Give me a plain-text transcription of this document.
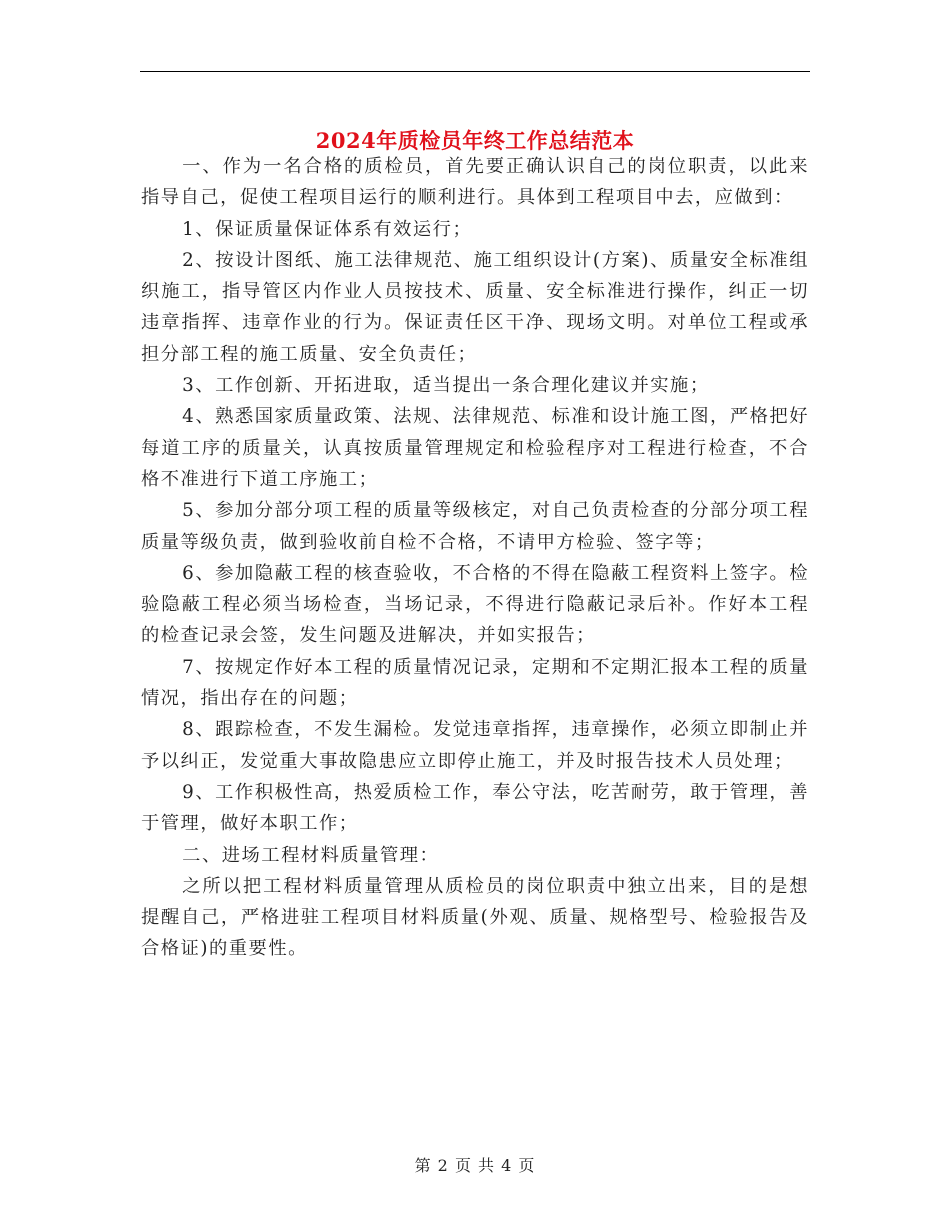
2024年质检员年终工作总结范本

一、作为一名合格的质检员，首先要正确认识自己的岗位职责，以此来指导自己，促使工程项目运行的顺利进行。具体到工程项目中去，应做到：

1、保证质量保证体系有效运行；

2、按设计图纸、施工法律规范、施工组织设计(方案)、质量安全标准组织施工，指导管区内作业人员按技术、质量、安全标准进行操作，纠正一切违章指挥、违章作业的行为。保证责任区干净、现场文明。对单位工程或承担分部工程的施工质量、安全负责任；

3、工作创新、开拓进取，适当提出一条合理化建议并实施；

4、熟悉国家质量政策、法规、法律规范、标准和设计施工图，严格把好每道工序的质量关，认真按质量管理规定和检验程序对工程进行检查，不合格不准进行下道工序施工；

5、参加分部分项工程的质量等级核定，对自己负责检查的分部分项工程质量等级负责，做到验收前自检不合格，不请甲方检验、签字等；

6、参加隐蔽工程的核查验收，不合格的不得在隐蔽工程资料上签字。检验隐蔽工程必须当场检查，当场记录，不得进行隐蔽记录后补。作好本工程的检查记录会签，发生问题及进解决，并如实报告；

7、按规定作好本工程的质量情况记录，定期和不定期汇报本工程的质量情况，指出存在的问题；

8、跟踪检查，不发生漏检。发觉违章指挥，违章操作，必须立即制止并予以纠正，发觉重大事故隐患应立即停止施工，并及时报告技术人员处理；

9、工作积极性高，热爱质检工作，奉公守法，吃苦耐劳，敢于管理，善于管理，做好本职工作；

二、进场工程材料质量管理：

之所以把工程材料质量管理从质检员的岗位职责中独立出来，目的是想提醒自己，严格进驻工程项目材料质量(外观、质量、规格型号、检验报告及合格证)的重要性。

第 2 页 共 4 页
